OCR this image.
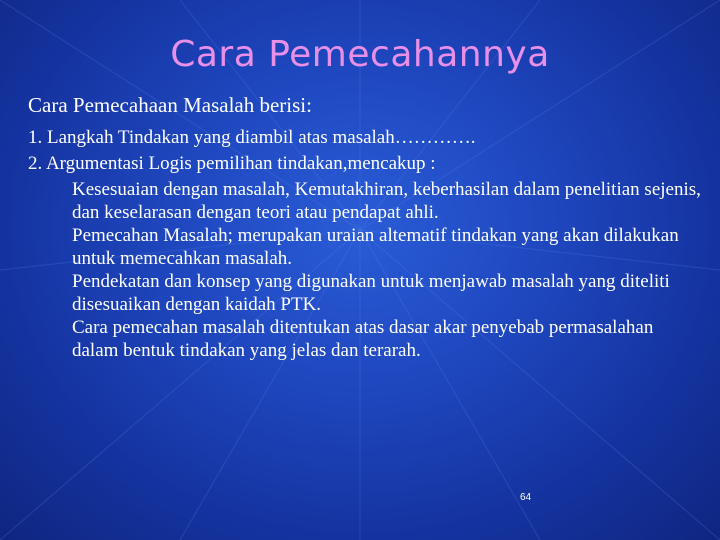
Cara Pemecahannya

Cara Pemecahaan Masalah berisi:

1. Langkah Tindakan yang diambil atas masalah………….

2. Argumentasi Logis pemilihan tindakan,mencakup :

Kesesuaian dengan masalah, Kemutakhiran, keberhasilan dalam penelitian sejenis, dan keselarasan dengan teori atau pendapat ahli.

Pemecahan Masalah; merupakan uraian altematif tindakan yang akan dilakukan untuk memecahkan masalah.

Pendekatan dan konsep yang digunakan untuk menjawab masalah yang diteliti disesuaikan dengan kaidah PTK.

Cara pemecahan masalah ditentukan atas dasar akar penyebab permasalahan dalam bentuk tindakan yang jelas dan terarah.

64
